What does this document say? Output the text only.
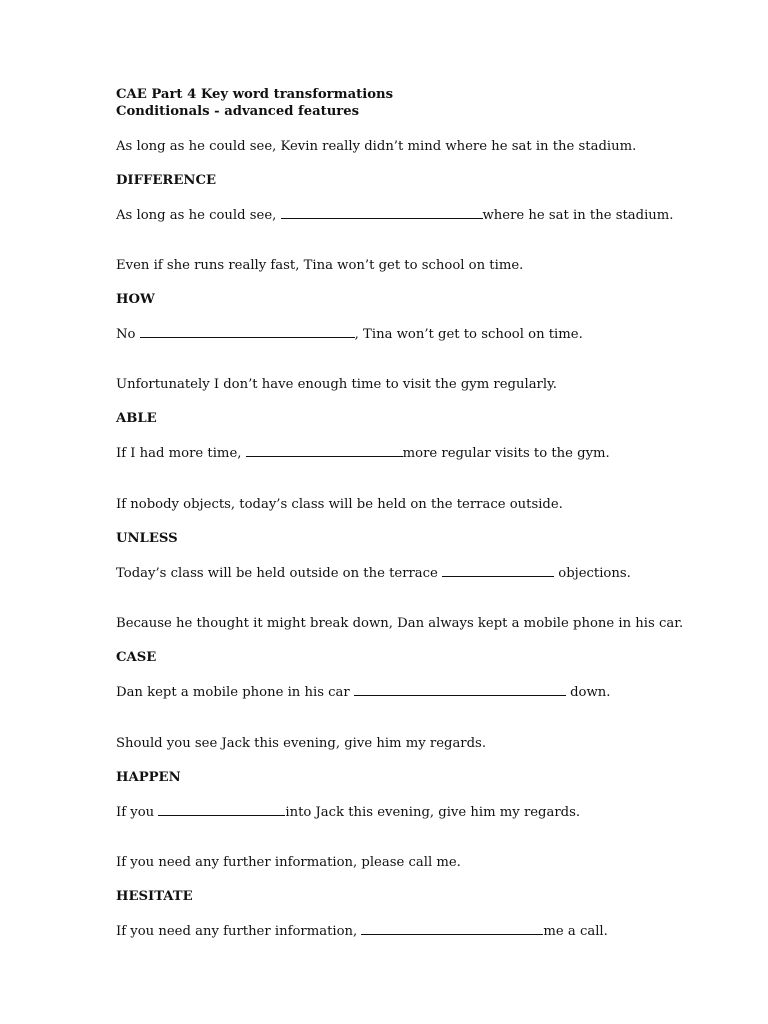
CAE Part 4 Key word transformations

Conditionals - advanced features

As long as he could see, Kevin really didn’t mind where he sat in the stadium.

DIFFERENCE

As long as he could see,	where he sat in the stadium.

Even if she runs really fast, Tina won’t get to school on time.

HOW

No	, Tina won’t get to school on time.

Unfortunately I don’t have enough time to visit the gym regularly.

ABLE

If I had more time,	more regular visits to the gym.

If nobody objects, today’s class will be held on the terrace outside.

UNLESS

Today’s class will be held outside on the terrace	objections.

Because he thought it might break down, Dan always kept a mobile phone in his car.

CASE

Dan kept a mobile phone in his car	down.

Should you see Jack this evening, give him my regards.

HAPPEN

If you	into Jack this evening, give him my regards.

If you need any further information, please call me.

HESITATE

If you need any further information,	me a call.
